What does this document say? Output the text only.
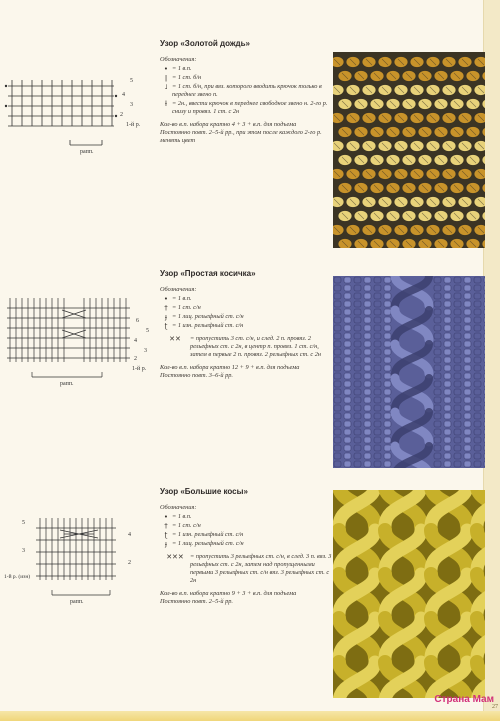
5
4
3
2
1-й р.
рапп.
Узор «Золотой дождь»
Обозначения:
• = 1 в.п.
ǀ = 1 ст. б/н
˩ = 1 ст. б/н, при вяз. которого вводить крючок только в переднее звено п.
ƚ = 2н., ввести крючок в переднее свободное звено н. 2-го р. снизу и провяз. 1 ст. с 2н
Кол-во в.п. набора кратно 4 + 3 + в.п. для подъема
Постоянно повт. 2–5-й рр., при этом после каждого 2-го р. менять цвет
6
5
4
3
2
1-й р.
рапп.
Узор «Простая косичка»
Обозначения:
• = 1 в.п.
† = 1 ст. с/н
ɟ = 1 лиц. рельефный ст. с/н
ʈ = 1 изн. рельефный ст. с/н
✕✕	= пропустить 3 ст. с/н, и след. 2 п. провяз. 2 рельефных ст. с 2н, в центр п. провяз. 1 ст. с/н, затем в первые 2 п. провяз. 2 рельефных ст. с 2н
Кол-во в.п. набора кратно 12 + 9 + в.п. для подъема
Постоянно повт. 3–6-й рр.
5
4
3
2
1-й р. (изн)
рапп.
Узор «Большие косы»
Обозначения:
• = 1 в.п.
† = 1 ст. с/н
ʈ = 1 изн. рельефный ст. с/н
ɟ = 1 лиц. рельефный ст. с/н
✕✕✕ = пропустить 3 рельефных ст. с/н, в след. 3 п. вяз. 3 рельефных ст. с 2н, затем над пропущенными первыми 3 рельефных ст. с/н вяз. 3 рельефных ст. с 2н
Кол-во в.п. набора кратно 9 + 3 + в.п. для подъема
Постоянно повт. 2–5-й рр.
Страна Мам
27
